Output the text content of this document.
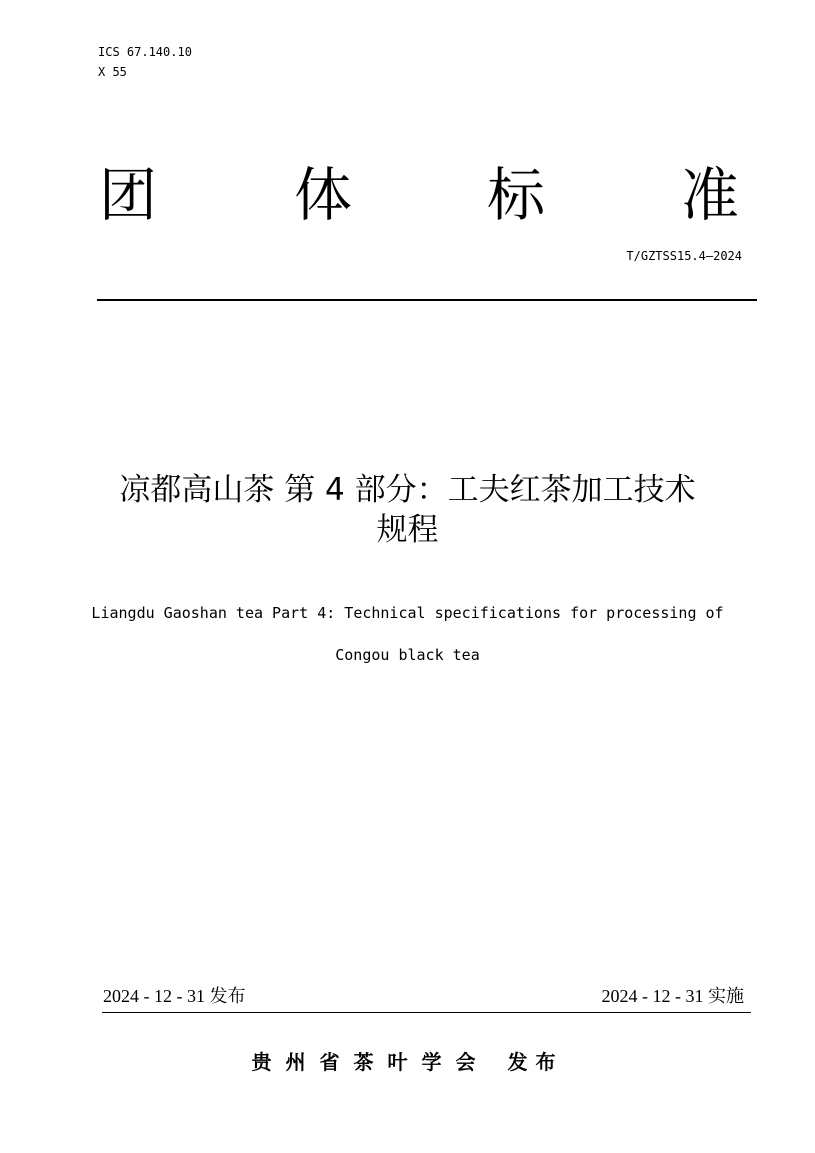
ICS 67.140.10
X 55
团 体 标 准
T/GZTSS15.4—2024
凉都高山茶 第 4 部分：工夫红茶加工技术
规程
Liangdu Gaoshan tea Part 4: Technical specifications for processing of
Congou black tea
2024 - 12 - 31 发布	2024 - 12 - 31 实施
贵州省茶叶学会 发布
